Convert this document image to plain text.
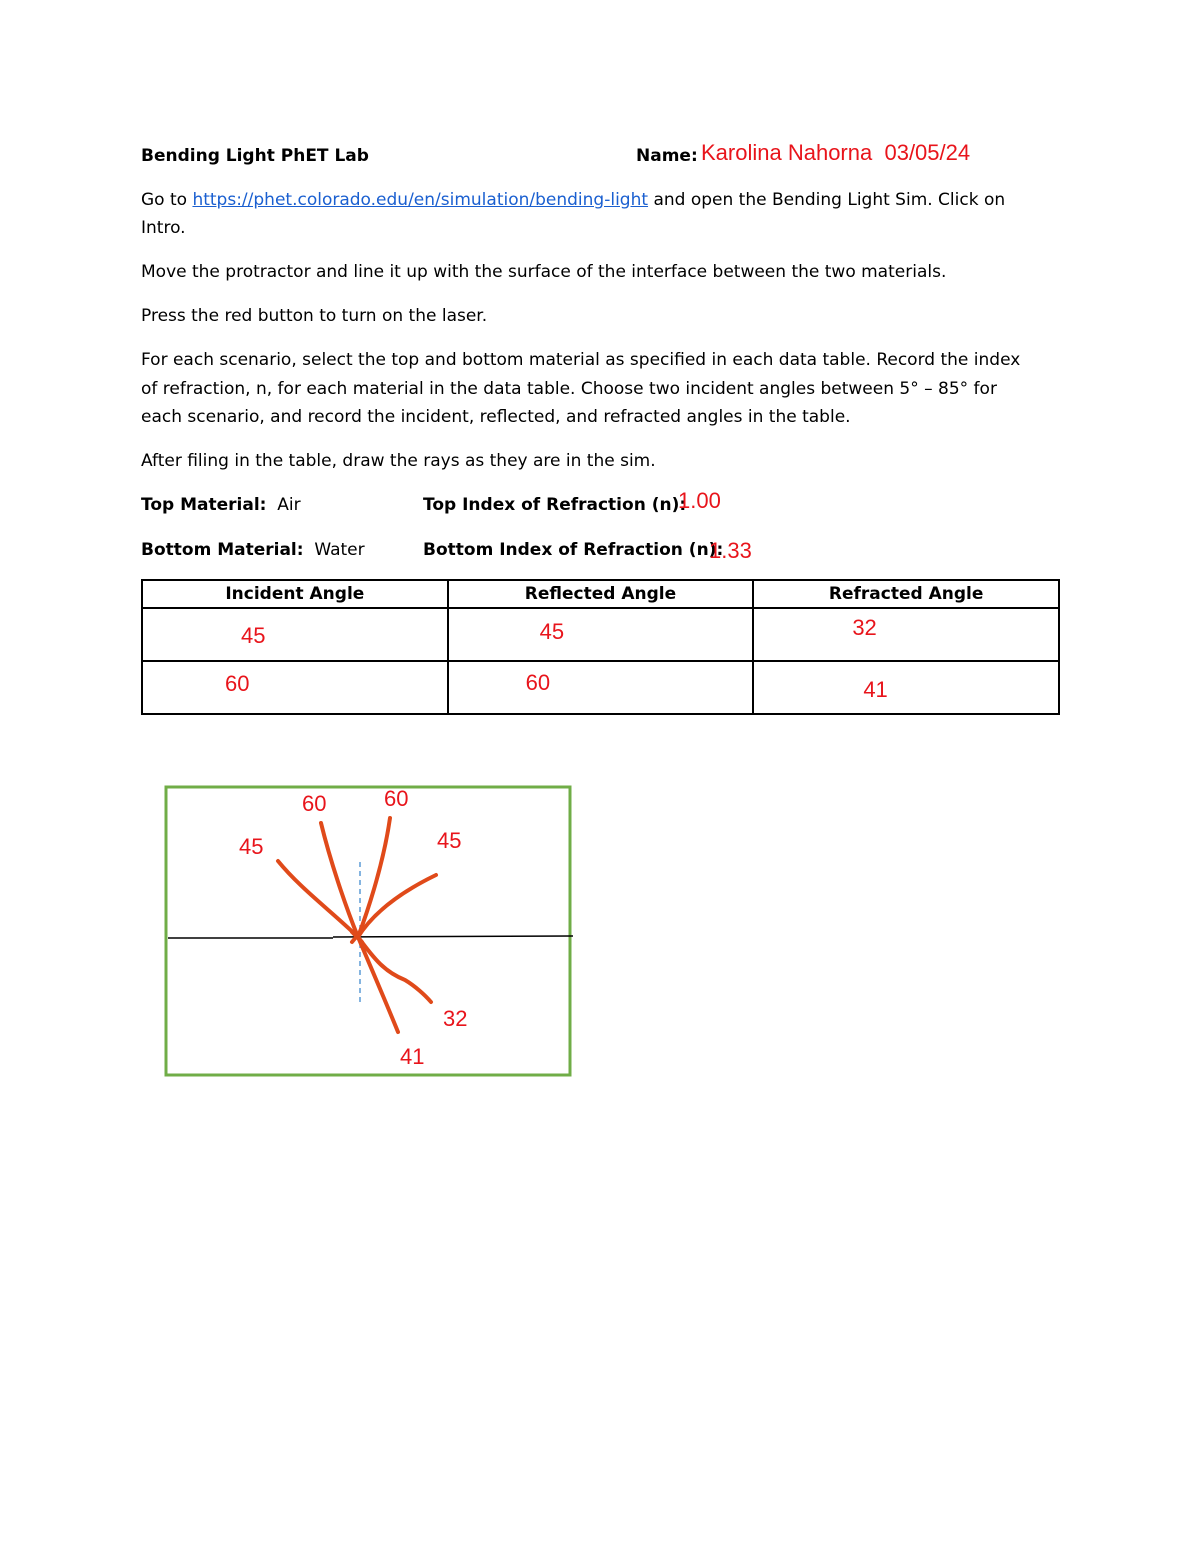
Bending Light PhET Lab	Name: Karolina Nahorna 03/05/24
Go to https://phet.colorado.edu/en/simulation/bending-light and open the Bending Light Sim. Click on
Intro.
Move the protractor and line it up with the surface of the interface between the two materials.
Press the red button to turn on the laser.
For each scenario, select the top and bottom material as specified in each data table. Record the index
of refraction, n, for each material in the data table. Choose two incident angles between 5° – 85° for
each scenario, and record the incident, reflected, and refracted angles in the table.
After filing in the table, draw the rays as they are in the sim.
Top Material: Air	Top Index of Refraction (n):
1.00
Bottom Material: Water	Bottom Index of Refraction (n):
1.33
Incident Angle	Reflected Angle	Refracted Angle

45	45	32

60	60	41
45
60	60
45
32
41
